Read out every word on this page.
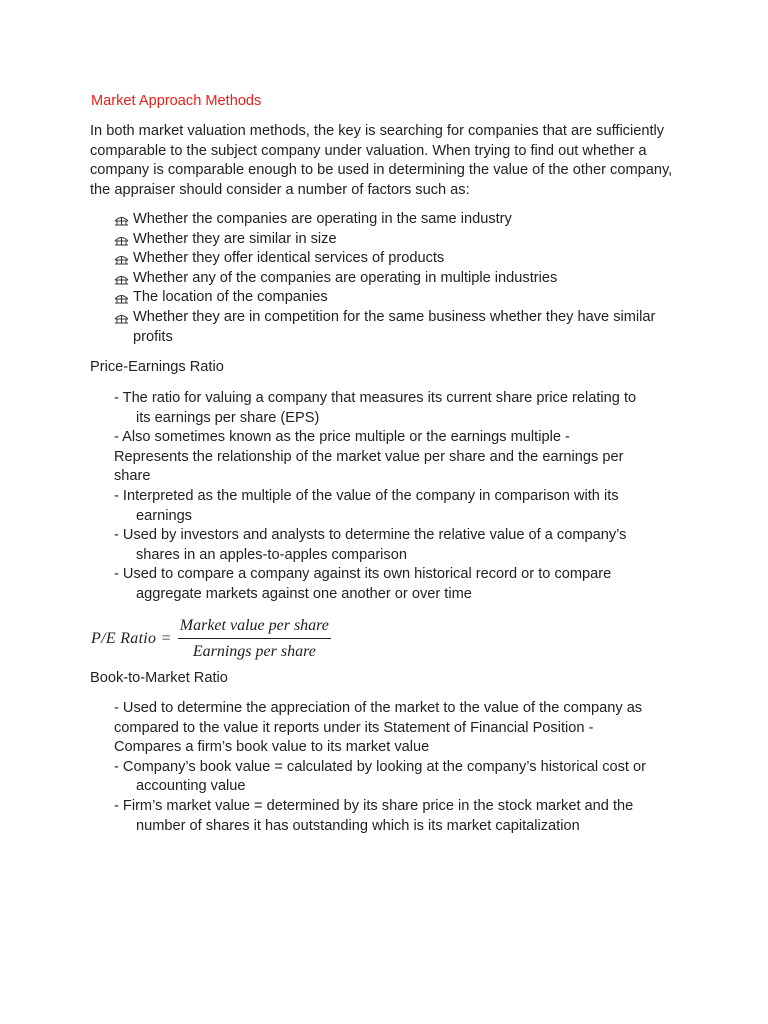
Market Approach Methods

In both market valuation methods, the key is searching for companies that are sufficiently comparable to the subject company under valuation. When trying to find out whether a company is comparable enough to be used in determining the value of the other company, the appraiser should consider a number of factors such as:

Whether the companies are operating in the same industry
Whether they are similar in size
Whether they offer identical services of products
Whether any of the companies are operating in multiple industries
The location of the companies
Whether they are in competition for the same business whether they have similar
profits
Price-Earnings Ratio
- The ratio for valuing a company that measures its current share price relating to
its earnings per share (EPS)
- Also sometimes known as the price multiple or the earnings multiple -
Represents the relationship of the market value per share and the earnings per
share
- Interpreted as the multiple of the value of the company in comparison with its
earnings
- Used by investors and analysts to determine the relative value of a company’s
shares in an apples-to-apples comparison
- Used to compare a company against its own historical record or to compare
aggregate markets against one another or over time
P/E Ratio = $\frac{\text{Market value per share}}{\text{Earnings per share}}$
Book-to-Market Ratio
- Used to determine the appreciation of the market to the value of the company as
compared to the value it reports under its Statement of Financial Position -
Compares a firm’s book value to its market value
- Company’s book value = calculated by looking at the company’s historical cost or
accounting value
- Firm’s market value = determined by its share price in the stock market and the
number of shares it has outstanding which is its market capitalization
